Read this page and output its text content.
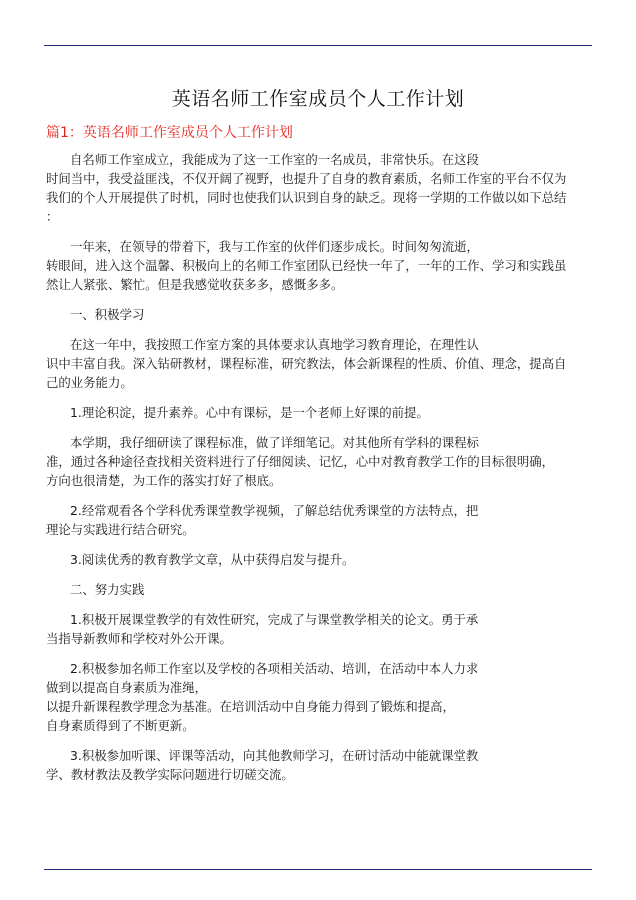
英语名师工作室成员个人工作计划
篇1：英语名师工作室成员个人工作计划
自名师工作室成立，我能成为了这一工作室的一名成员，非常快乐。在这段
时间当中，我受益匪浅，不仅开阔了视野，也提升了自身的教育素质，名师工作室的平台不仅为
我们的个人开展提供了时机，同时也使我们认识到自身的缺乏。现将一学期的工作做以如下总结
：
一年来，在领导的带着下，我与工作室的伙伴们逐步成长。时间匆匆流逝，
转眼间，进入这个温馨、积极向上的名师工作室团队已经快一年了，一年的工作、学习和实践虽
然让人紧张、繁忙。但是我感觉收获多多，感慨多多。
一、积极学习
在这一年中，我按照工作室方案的具体要求认真地学习教育理论，在理性认
识中丰富自我。深入钻研教材，课程标准，研究教法，体会新课程的性质、价值、理念，提高自
己的业务能力。
1.理论积淀，提升素养。心中有课标，是一个老师上好课的前提。
本学期，我仔细研读了课程标准，做了详细笔记。对其他所有学科的课程标
准，通过各种途径查找相关资料进行了仔细阅读、记忆，心中对教育教学工作的目标很明确，
方向也很清楚，为工作的落实打好了根底。
2.经常观看各个学科优秀课堂教学视频，了解总结优秀课堂的方法特点，把
理论与实践进行结合研究。
3.阅读优秀的教育教学文章，从中获得启发与提升。
二、努力实践
1.积极开展课堂教学的有效性研究，完成了与课堂教学相关的论文。勇于承
当指导新教师和学校对外公开课。
2.积极参加名师工作室以及学校的各项相关活动、培训，在活动中本人力求
做到以提高自身素质为准绳，
以提升新课程教学理念为基准。在培训活动中自身能力得到了锻炼和提高，
自身素质得到了不断更新。
3.积极参加听课、评课等活动，向其他教师学习，在研讨活动中能就课堂教
学、教材教法及教学实际问题进行切磋交流。
